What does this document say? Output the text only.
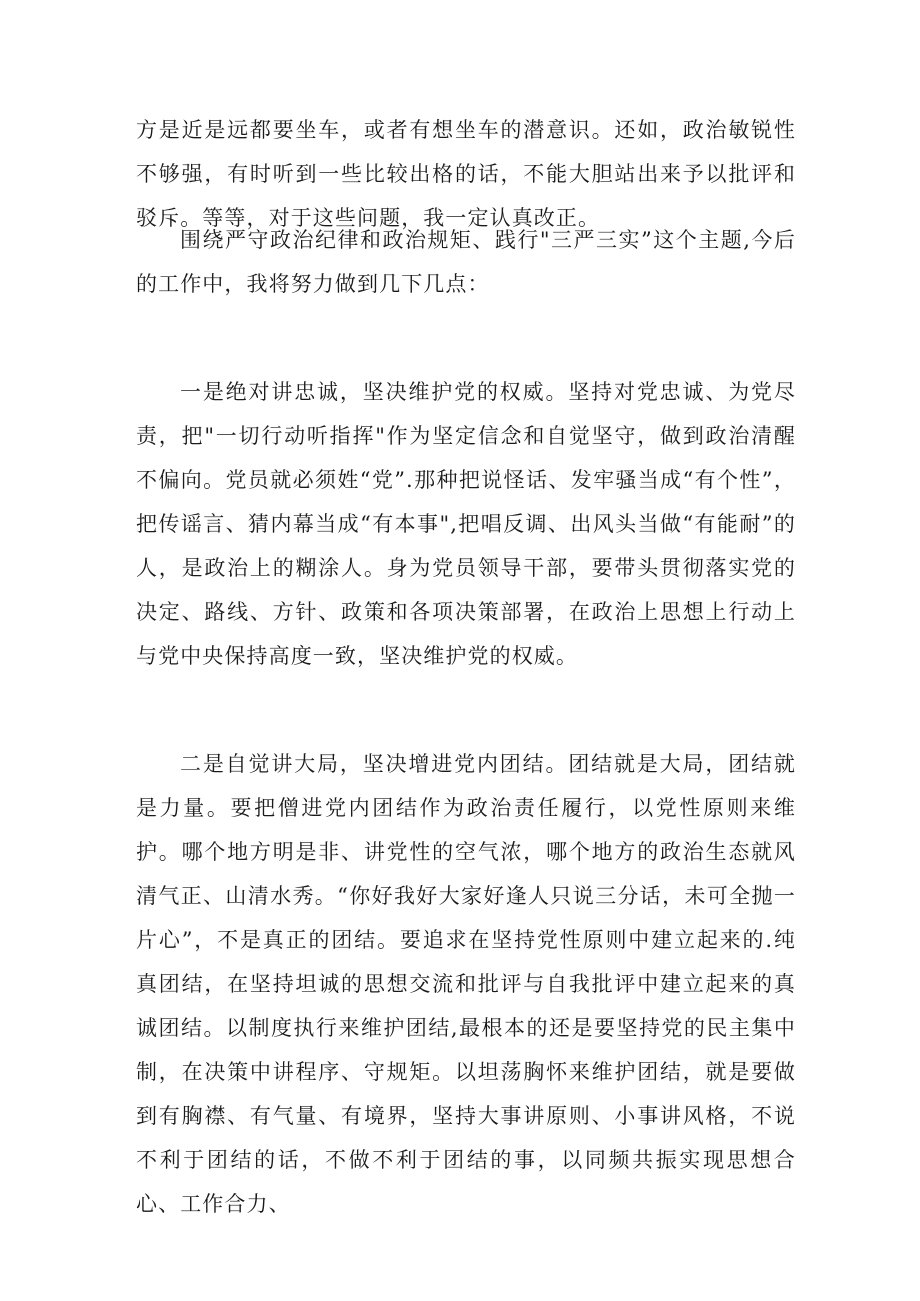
方是近是远都要坐车，或者有想坐车的潜意识。还如，政治敏锐性不够强，有时听到一些比较出格的话，不能大胆站出来予以批评和驳斥。等等，对于这些问题，我一定认真改正。

围绕严守政治纪律和政治规矩、践行"三严三实”这个主题,今后的工作中，我将努力做到几下几点：

一是绝对讲忠诚，坚决维护党的权威。坚持对党忠诚、为党尽责，把"一切行动听指挥"作为坚定信念和自觉坚守，做到政治清醒不偏向。党员就必须姓“党”.那种把说怪话、发牢骚当成“有个性”，把传谣言、猜内幕当成“有本事",把唱反调、出风头当做“有能耐”的人，是政治上的糊涂人。身为党员领导干部，要带头贯彻落实党的决定、路线、方针、政策和各项决策部署，在政治上思想上行动上与党中央保持高度一致，坚决维护党的权威。

二是自觉讲大局，坚决增进党内团结。团结就是大局，团结就是力量。要把僧进党内团结作为政治责任履行，以党性原则来维护。哪个地方明是非、讲党性的空气浓，哪个地方的政治生态就风清气正、山清水秀。“你好我好大家好逢人只说三分话，未可全抛一片心”，不是真正的团结。要追求在坚持党性原则中建立起来的.纯真团结，在坚持坦诚的思想交流和批评与自我批评中建立起来的真诚团结。以制度执行来维护团结,最根本的还是要坚持党的民主集中制，在决策中讲程序、守规矩。以坦荡胸怀来维护团结，就是要做到有胸襟、有气量、有境界，坚持大事讲原则、小事讲风格，不说不利于团结的话，不做不利于团结的事，以同频共振实现思想合心、工作合力、
